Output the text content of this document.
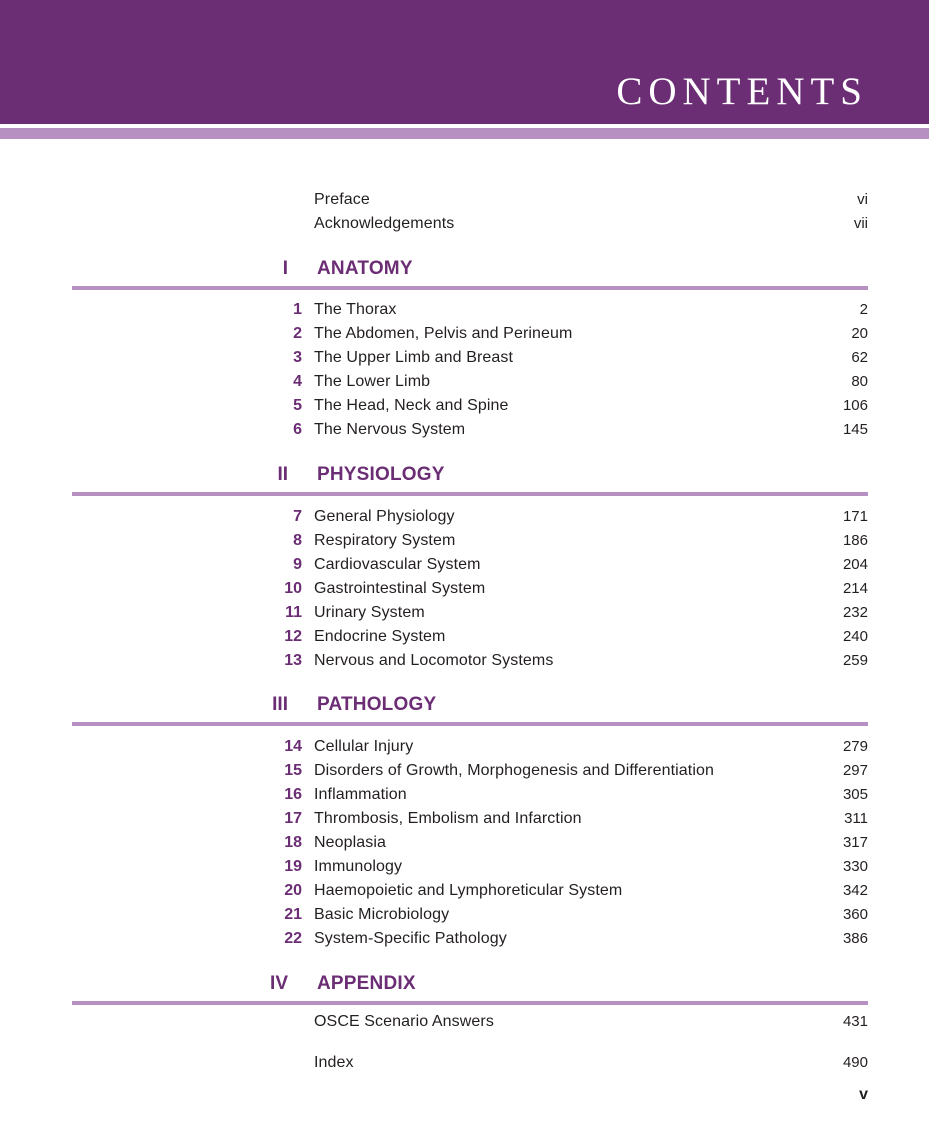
CONTENTS
Preface	vi
Acknowledgements	vii
I ANATOMY
1 The Thorax	2
2 The Abdomen, Pelvis and Perineum	20
3 The Upper Limb and Breast	62
4 The Lower Limb	80
5 The Head, Neck and Spine	106
6 The Nervous System	145
II PHYSIOLOGY
7 General Physiology	171
8 Respiratory System	186
9 Cardiovascular System	204
10 Gastrointestinal System	214
11 Urinary System	232
12 Endocrine System	240
13 Nervous and Locomotor Systems	259
III PATHOLOGY
14 Cellular Injury	279
15 Disorders of Growth, Morphogenesis and Differentiation	297
16 Inflammation	305
17 Thrombosis, Embolism and Infarction	311
18 Neoplasia	317
19 Immunology	330
20 Haemopoietic and Lymphoreticular System	342
21 Basic Microbiology	360
22 System-Specific Pathology	386
IV APPENDIX
OSCE Scenario Answers	431
Index	490
v
